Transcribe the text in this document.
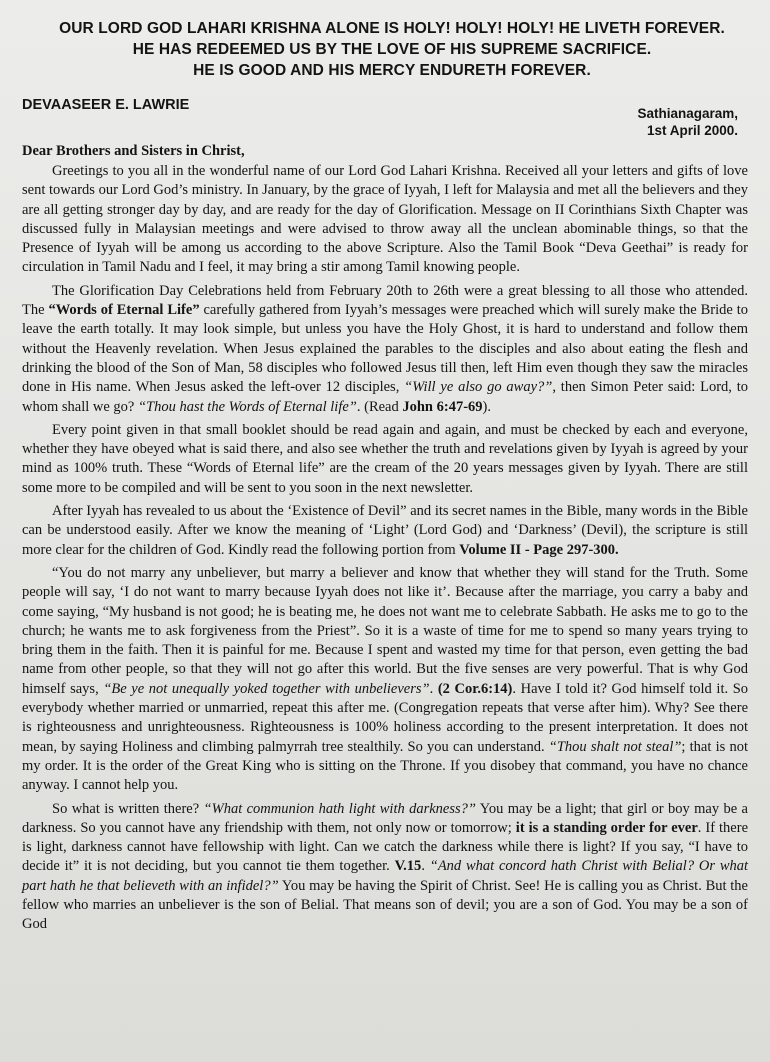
OUR LORD GOD LAHARI KRISHNA ALONE IS HOLY! HOLY! HOLY! HE LIVETH FOREVER.
HE HAS REDEEMED US BY THE LOVE OF HIS SUPREME SACRIFICE.
HE IS GOOD AND HIS MERCY ENDURETH FOREVER.
DEVAASEER E. LAWRIE
Sathianagaram,
1st April 2000.
Dear Brothers and Sisters in Christ,

Greetings to you all in the wonderful name of our Lord God Lahari Krishna. Received all your letters and gifts of love sent towards our Lord God’s ministry. In January, by the grace of Iyyah, I left for Malaysia and met all the believers and they are all getting stronger day by day, and are ready for the day of Glorification. Message on II Corinthians Sixth Chapter was discussed fully in Malaysian meetings and were advised to throw away all the unclean abominable things, so that the Presence of Iyyah will be among us according to the above Scripture. Also the Tamil Book “Deva Geethai” is ready for circulation in Tamil Nadu and I feel, it may bring a stir among Tamil knowing people.

The Glorification Day Celebrations held from February 20th to 26th were a great blessing to all those who attended. The “Words of Eternal Life” carefully gathered from Iyyah’s messages were preached which will surely make the Bride to leave the earth totally. It may look simple, but unless you have the Holy Ghost, it is hard to understand and follow them without the Heavenly revelation. When Jesus explained the parables to the disciples and also about eating the flesh and drinking the blood of the Son of Man, 58 disciples who followed Jesus till then, left Him even though they saw the miracles done in His name. When Jesus asked the left-over 12 disciples, “Will ye also go away?”, then Simon Peter said: Lord, to whom shall we go? “Thou hast the Words of Eternal life”. (Read John 6:47-69).

Every point given in that small booklet should be read again and again, and must be checked by each and everyone, whether they have obeyed what is said there, and also see whether the truth and revelations given by Iyyah is agreed by your mind as 100% truth. These “Words of Eternal life” are the cream of the 20 years messages given by Iyyah. There are still some more to be compiled and will be sent to you soon in the next newsletter.

After Iyyah has revealed to us about the ‘Existence of Devil” and its secret names in the Bible, many words in the Bible can be understood easily. After we know the meaning of ‘Light’ (Lord God) and ‘Darkness’ (Devil), the scripture is still more clear for the children of God. Kindly read the following portion from Volume II - Page 297-300.

“You do not marry any unbeliever, but marry a believer and know that whether they will stand for the Truth. Some people will say, ‘I do not want to marry because Iyyah does not like it’. Because after the marriage, you carry a baby and come saying, “My husband is not good; he is beating me, he does not want me to celebrate Sabbath. He asks me to go to the church; he wants me to ask forgiveness from the Priest”. So it is a waste of time for me to spend so many years trying to bring them in the faith. Then it is painful for me. Because I spent and wasted my time for that person, even getting the bad name from other people, so that they will not go after this world. But the five senses are very powerful. That is why God himself says, “Be ye not unequally yoked together with unbelievers”. (2 Cor.6:14). Have I told it? God himself told it. So everybody whether married or unmarried, repeat this after me. (Congregation repeats that verse after him). Why? See there is righteousness and unrighteousness. Righteousness is 100% holiness according to the present interpretation. It does not mean, by saying Holiness and climbing palmyrrah tree stealthily. So you can understand. “Thou shalt not steal”; that is not my order. It is the order of the Great King who is sitting on the Throne. If you disobey that command, you have no chance anyway. I cannot help you.

So what is written there? “What communion hath light with darkness?” You may be a light; that girl or boy may be a darkness. So you cannot have any friendship with them, not only now or tomorrow; it is a standing order for ever. If there is light, darkness cannot have fellowship with light. Can we catch the darkness while there is light? If you say, “I have to decide it” it is not deciding, but you cannot tie them together. V.15. “And what concord hath Christ with Belial? Or what part hath he that believeth with an infidel?” You may be having the Spirit of Christ. See! He is calling you as Christ. But the fellow who marries an unbeliever is the son of Belial. That means son of devil; you are a son of God. You may be a son of God
